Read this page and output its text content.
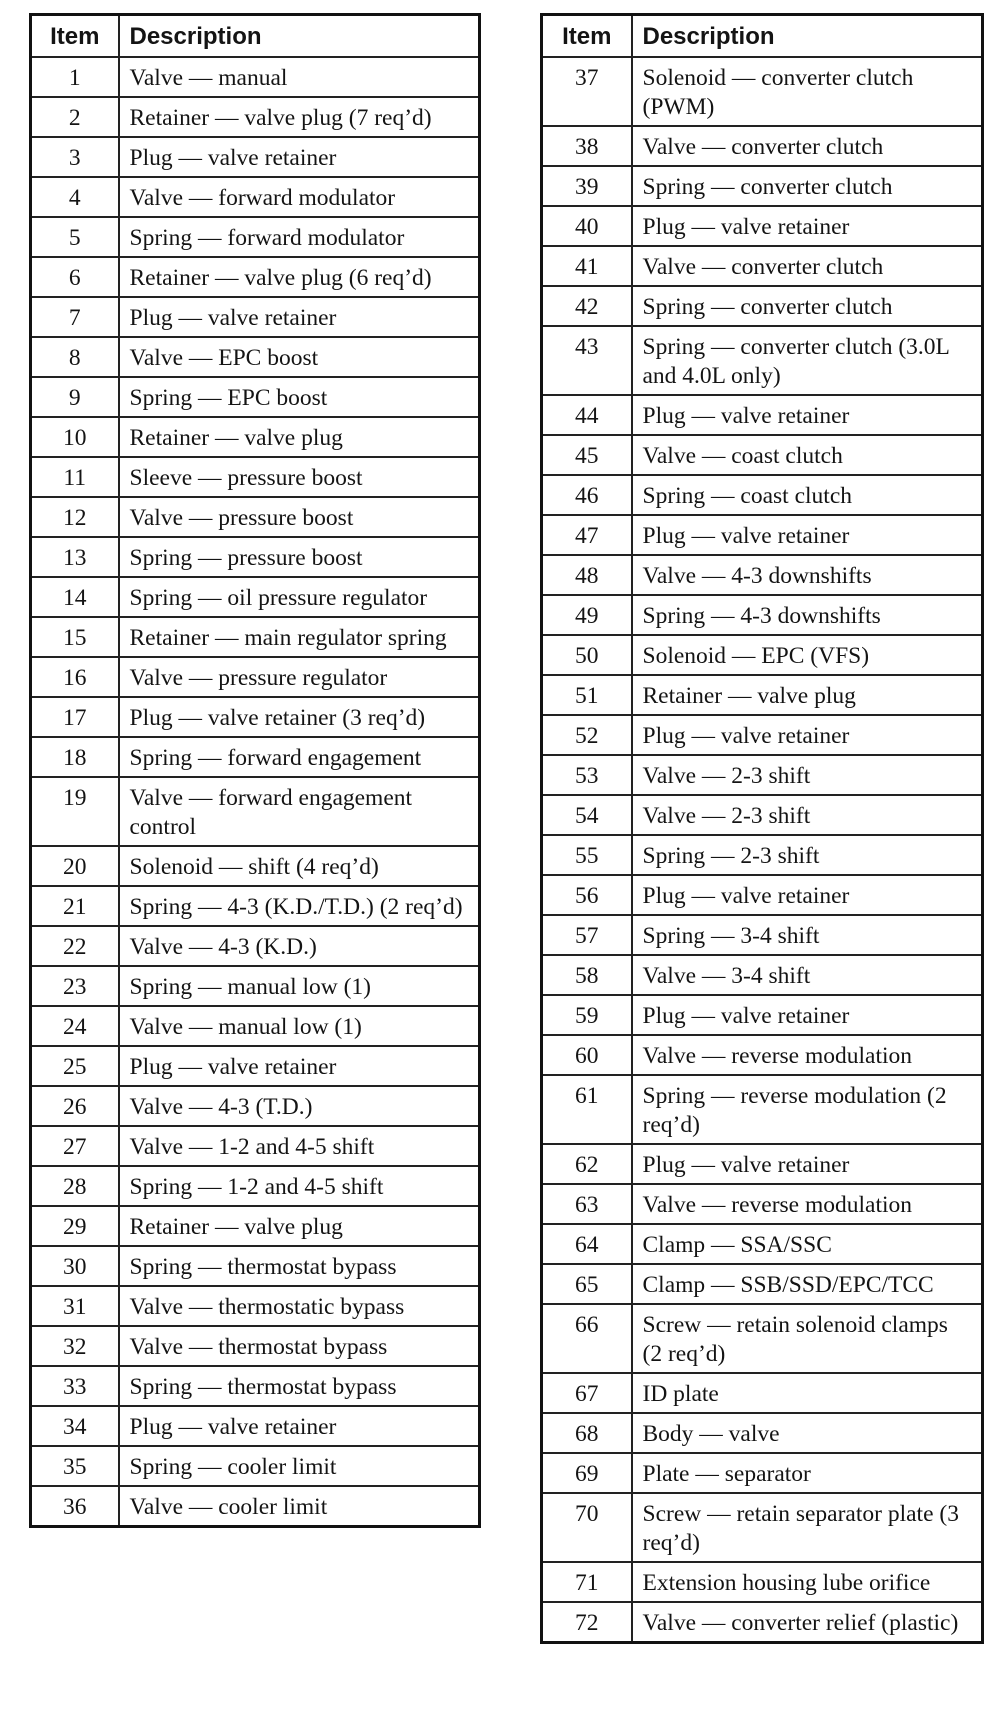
Item	Description
1	Valve — manual
2	Retainer — valve plug (7 req’d)
3	Plug — valve retainer
4	Valve — forward modulator
5	Spring — forward modulator
6	Retainer — valve plug (6 req’d)
7	Plug — valve retainer
8	Valve — EPC boost
9	Spring — EPC boost
10	Retainer — valve plug
11	Sleeve — pressure boost
12	Valve — pressure boost
13	Spring — pressure boost
14	Spring — oil pressure regulator
15	Retainer — main regulator spring
16	Valve — pressure regulator
17	Plug — valve retainer (3 req’d)
18	Spring — forward engagement
19	Valve — forward engagement control
20	Solenoid — shift (4 req’d)
21	Spring — 4-3 (K.D./T.D.) (2 req’d)
22	Valve — 4-3 (K.D.)
23	Spring — manual low (1)
24	Valve — manual low (1)
25	Plug — valve retainer
26	Valve — 4-3 (T.D.)
27	Valve — 1-2 and 4-5 shift
28	Spring — 1-2 and 4-5 shift
29	Retainer — valve plug
30	Spring — thermostat bypass
31	Valve — thermostatic bypass
32	Valve — thermostat bypass
33	Spring — thermostat bypass
34	Plug — valve retainer
35	Spring — cooler limit
36	Valve — cooler limit
Item	Description
37	Solenoid — converter clutch (PWM)
38	Valve — converter clutch
39	Spring — converter clutch
40	Plug — valve retainer
41	Valve — converter clutch
42	Spring — converter clutch
43	Spring — converter clutch (3.0L and 4.0L only)
44	Plug — valve retainer
45	Valve — coast clutch
46	Spring — coast clutch
47	Plug — valve retainer
48	Valve — 4-3 downshifts
49	Spring — 4-3 downshifts
50	Solenoid — EPC (VFS)
51	Retainer — valve plug
52	Plug — valve retainer
53	Valve — 2-3 shift
54	Valve — 2-3 shift
55	Spring — 2-3 shift
56	Plug — valve retainer
57	Spring — 3-4 shift
58	Valve — 3-4 shift
59	Plug — valve retainer
60	Valve — reverse modulation
61	Spring — reverse modulation (2 req’d)
62	Plug — valve retainer
63	Valve — reverse modulation
64	Clamp — SSA/SSC
65	Clamp — SSB/SSD/EPC/TCC
66	Screw — retain solenoid clamps (2 req’d)
67	ID plate
68	Body — valve
69	Plate — separator
70	Screw — retain separator plate (3 req’d)
71	Extension housing lube orifice
72	Valve — converter relief (plastic)
